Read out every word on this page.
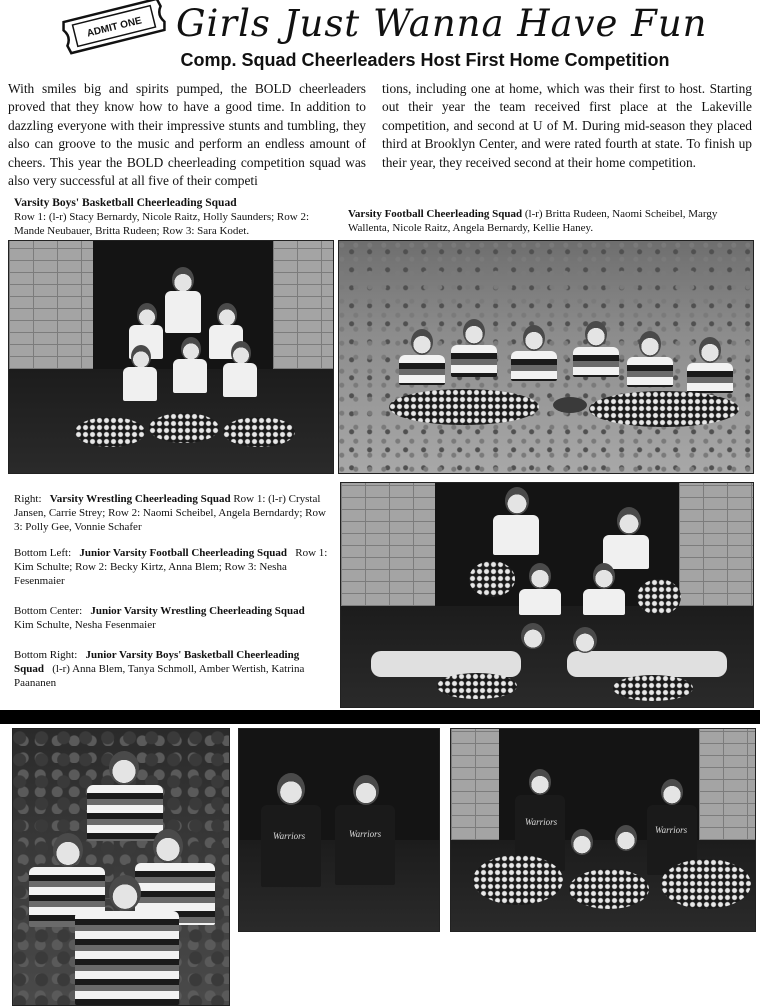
ADMIT ONE Girls Just Wanna Have Fun
Comp. Squad Cheerleaders Host First Home Competition

With smiles big and spirits pumped, the BOLD cheerleaders proved that they know how to have a good time. In addition to dazzling everyone with their impressive stunts and tumbling, they also can groove to the music and perform an endless amount of cheers. This year the BOLD cheerleading competition squad was also very successful at all five of their competi

tions, including one at home, which was their first to host. Starting out their year the team received first place at the Lakeville competition, and second at U of M. During mid-season they placed third at Brooklyn Center, and were rated fourth at state. To finish up their year, they received second at their home competition.

Varsity Boys' Basketball Cheerleading Squad

Row 1: (l-r) Stacy Bernardy, Nicole Raitz, Holly Saunders; Row 2: Mande Neubauer, Britta Rudeen; Row 3: Sara Kodet.

Varsity Football Cheerleading Squad (l-r) Britta Rudeen, Naomi Scheibel, Margy Wallenta, Nicole Raitz, Angela Bernardy, Kellie Haney.

Right: Varsity Wrestling Cheerleading Squad Row 1: (l-r) Crystal Jansen, Carrie Strey; Row 2: Naomi Scheibel, Angela Berndardy; Row 3: Polly Gee, Vonnie Schafer

Bottom Left: Junior Varsity Football Cheerleading Squad Row 1: Kim Schulte; Row 2: Becky Kirtz, Anna Blem; Row 3: Nesha Fesenmaier

Bottom Center: Junior Varsity Wrestling Cheerleading Squad   Kim Schulte, Nesha Fesenmaier

Bottom Right: Junior Varsity Boys' Basketball Cheerleading Squad (l-r) Anna Blem, Tanya Schmoll, Amber Wertish, Katrina Paananen

Warriors	Warriors
Warriors
Warriors
